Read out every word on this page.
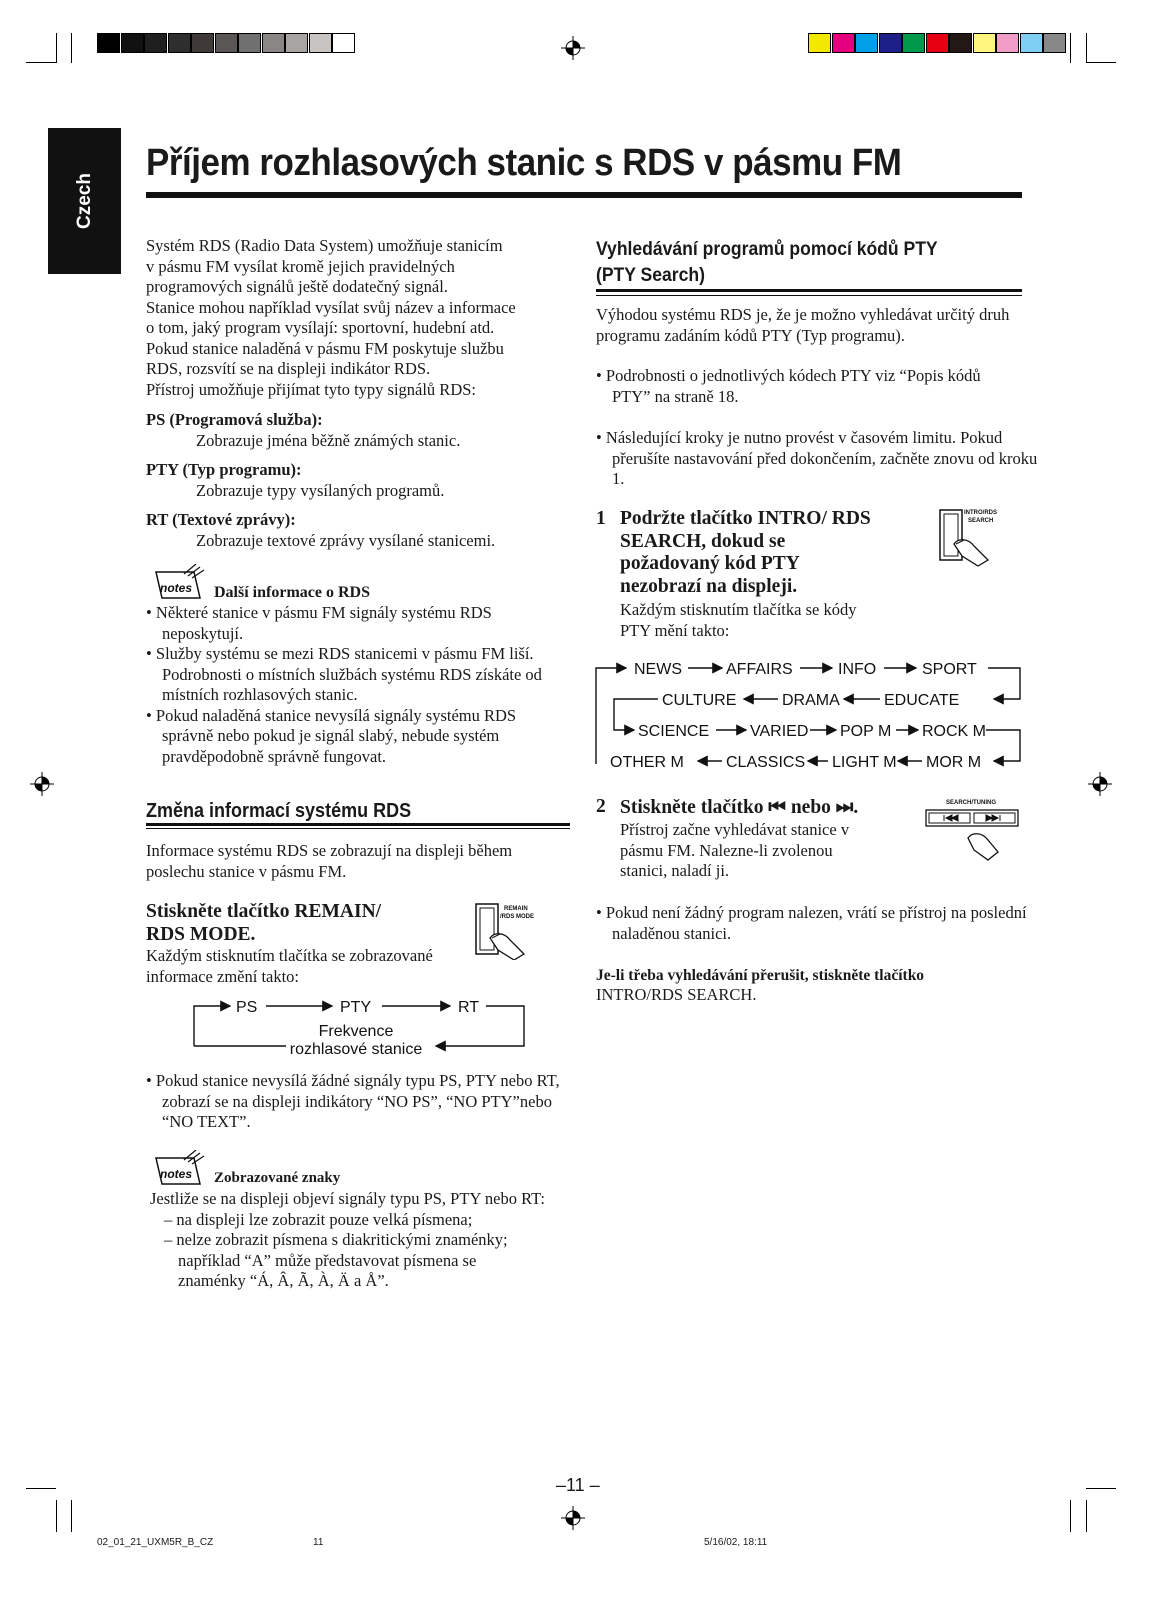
Czech
Příjem rozhlasových stanic s RDS v pásmu FM
Systém RDS (Radio Data System) umožňuje stanicím
v pásmu FM vysílat kromě jejich pravidelných
programových signálů ještě dodatečný signál.
Stanice mohou například vysílat svůj název a informace
o tom, jaký program vysílají: sportovní, hudební atd.
Pokud stanice naladěná v pásmu FM poskytuje službu
RDS, rozsvítí se na displeji indikátor RDS.
Přístroj umožňuje přijímat tyto typy signálů RDS:
PS (Programová služba):
Zobrazuje jména běžně známých stanic.
PTY (Typ programu):
Zobrazuje typy vysílaných programů.
RT (Textové zprávy):
Zobrazuje textové zprávy vysílané stanicemi.
notes Další informace o RDS
• Některé stanice v pásmu FM signály systému RDS neposkytují.
• Služby systému se mezi RDS stanicemi v pásmu FM liší. Podrobnosti o místních službách systému RDS získáte od místních rozhlasových stanic.
• Pokud naladěná stanice nevysílá signály systému RDS správně nebo pokud je signál slabý, nebude systém pravděpodobně správně fungovat.
Změna informací systému RDS
Informace systému RDS se zobrazují na displeji během poslechu stanice v pásmu FM.
Stiskněte tlačítko REMAIN/
RDS MODE.
Každým stisknutím tlačítka se zobrazované informace změní takto:
REMAIN
/RDS MODE
PS	PTY	RT
Frekvence
rozhlasové stanice
• Pokud stanice nevysílá žádné signály typu PS, PTY nebo RT, zobrazí se na displeji indikátory “NO PS”, “NO PTY”nebo “NO TEXT”.
notes Zobrazované znaky
Jestliže se na displeji objeví signály typu PS, PTY nebo RT:
– na displeji lze zobrazit pouze velká písmena;
– nelze zobrazit písmena s diakritickými znaménky; například “A” může představovat písmena se znaménky “Á, Â, Ã, À, Ä a Å”.
Vyhledávání programů pomocí kódů PTY
(PTY Search)
Výhodou systému RDS je, že je možno vyhledávat určitý druh programu zadáním kódů PTY (Typ programu).
• Podrobnosti o jednotlivých kódech PTY viz “Popis kódů PTY” na straně 18.
• Následující kroky je nutno provést v časovém limitu. Pokud přerušíte nastavování před dokončením, začněte znovu od kroku 1.
1 Podržte tlačítko INTRO/ RDS SEARCH, dokud se požadovaný kód PTY nezobrazí na displeji.
Každým stisknutím tlačítka se kódy PTY mění takto:
INTRO/RDS
SEARCH
NEWS	AFFAIRS	INFO	SPORT
EDUCATE
DRAMA
CULTURE
SCIENCE	VARIED POP M ROCK M
MOR M
LIGHT M
CLASSICS
OTHER M
2 Stiskněte tlačítko ⏮ nebo ⏭.
Přístroj začne vyhledávat stanice v pásmu FM. Nalezne-li zvolenou stanici, naladí ji.
SEARCH/TUNING
• Pokud není žádný program nalezen, vrátí se přístroj na poslední naladěnou stanici.
Je-li třeba vyhledávání přerušit, stiskněte tlačítko
INTRO/RDS SEARCH.
–11 –
02_01_21_UXM5R_B_CZ	11	5/16/02, 18:11
